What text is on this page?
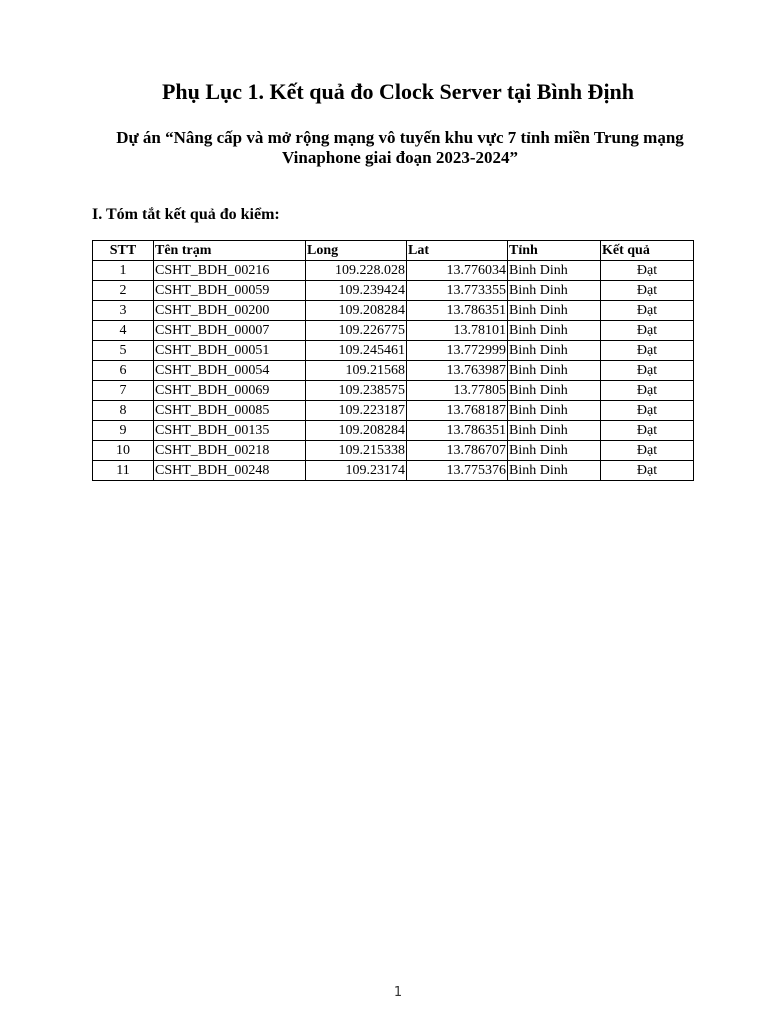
Phụ Lục 1. Kết quả đo Clock Server tại Bình Định
Dự án “Nâng cấp và mở rộng mạng vô tuyến khu vực 7 tỉnh miền Trung mạng
Vinaphone giai đoạn 2023-2024”
I. Tóm tắt kết quả đo kiểm:
STT	Tên trạm	Long	Lat	Tỉnh	Kết quả
1	CSHT_BDH_00216	109.228.028	13.776034	Binh Dinh	Đạt
2	CSHT_BDH_00059	109.239424	13.773355	Binh Dinh	Đạt
3	CSHT_BDH_00200	109.208284	13.786351	Binh Dinh	Đạt
4	CSHT_BDH_00007	109.226775	13.78101	Binh Dinh	Đạt
5	CSHT_BDH_00051	109.245461	13.772999	Binh Dinh	Đạt
6	CSHT_BDH_00054	109.21568	13.763987	Binh Dinh	Đạt
7	CSHT_BDH_00069	109.238575	13.77805	Binh Dinh	Đạt
8	CSHT_BDH_00085	109.223187	13.768187	Binh Dinh	Đạt
9	CSHT_BDH_00135	109.208284	13.786351	Binh Dinh	Đạt
10	CSHT_BDH_00218	109.215338	13.786707	Binh Dinh	Đạt
11	CSHT_BDH_00248	109.23174	13.775376	Binh Dinh	Đạt
1
